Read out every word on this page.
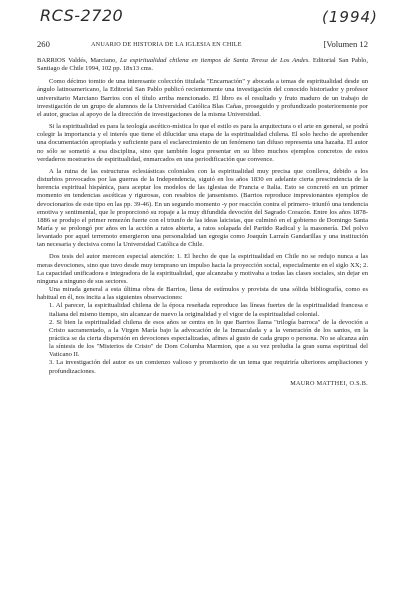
RCS-2720	(1994)
260	ANUARIO DE HISTORIA DE LA IGLESIA EN CHILE	[Volumen 12

BARRIOS Valdés, Marciano, La espiritualidad chilena en tiempos de Santa Teresa de Los Andes. Editorial San Pablo, Santiago de Chile 1994, 102 pp. 18x13 cms.

Como décimo tomito de una interesante colección titulada "Encarnación" y abocada a temas de espiritualidad desde un ángulo latinoamericano, la Editorial San Pablo publicó recientemente una investigación del conocido historiador y profesor universitario Marciano Barrios con el título arriba mencionado. El libro es el resultado y fruto maduro de un trabajo de investigación de un grupo de alumnos de la Universidad Católica Blas Cañas, proseguido y profundizado posteriormente por el autor, gracias al apoyo de la dirección de investigaciones de la misma Universidad.

Si la espiritualidad es para la teología ascético-mística lo que el estilo es para la arquitectura o el arte en general, se podrá colegir la importancia y el interés que tiene el dilucidar una etapa de la espiritualidad chilena. El solo hecho de aprehender una documentación apropiada y suficiente para el esclarecimiento de un fenómeno tan difuso representa una hazaña. El autor no sólo se sometió a esa disciplina, sino que también logra presentar en su libro muchos ejemplos concretos de estos verdaderos mostrarios de espiritualidad, enmarcados en una periodificación que convence.

A la ruina de las estructuras eclesiásticas coloniales con la espiritualidad muy precisa que conlleva, debido a los disturbios provocados por las guerras de la Independencia, siguió en los años 1830 en adelante cierta prescindencia de la herencia espiritual hispánica, para aceptar los modelos de las iglesias de Francia e Italia. Esto se concretó en un primer momento en tendencias ascéticas y rigurosas, con resabios de jansenismo. (Barrios reproduce impresionantes ejemplos de devocionarios de este tipo en las pp. 39-46). En un segundo momento -y por reacción contra el primero- triunfó una tendencia emotiva y sentimental, que le proporcionó su ropaje a la muy difundida devoción del Sagrado Corazón. Entre los años 1878-1886 se produjo el primer remezón fuerte con el triunfo de las ideas laicistas, que culminó en el gobierno de Domingo Santa María y se prolongó por años en la acción a ratos abierta, a ratos solapada del Partido Radical y la masonería. Del polvo levantado por aquel terremoto emergieron una personalidad tan egregia como Joaquín Larraín Gandarillas y una institución tan necesaria y decisiva como la Universidad Católica de Chile.

Dos tesis del autor merecen especial atención: 1. El hecho de que la espiritualidad en Chile no se redujo nunca a las meras devociones, sino que tuvo desde muy temprano un impulso hacia la proyección social, especialmente en el siglo XX; 2. La capacidad unificadora e integradora de la espiritualidad, que alcanzaba y motivaba a todas las clases sociales, sin dejar en ninguna a ninguno de sus sectores.

Una mirada general a esta última obra de Barrios, llena de estímulos y provista de una sólida bibliografía, como es habitual en él, nos incita a las siguientes observaciones:

1. Al parecer, la espiritualidad chilena de la época reseñada reproduce las líneas fuertes de la espiritualidad francesa e italiana del mismo tiempo, sin alcanzar de nuevo la originalidad y el vigor de la espiritualidad colonial.

2. Si bien la espiritualidad chilena de esos años se centra en lo que Barrios llama "trilogía barroca" de la devoción a Cristo sacramentado, a la Virgen María bajo la advocación de la Inmaculada y a la veneración de los santos, en la práctica se da cierta dispersión en devociones especializadas, afines al gusto de cada grupo o persona. No se alcanza aún la síntesis de los "Misterios de Cristo" de Dom Columba Marmion, que a su vez preludia la gran suma espiritual del Vaticano II.

3. La investigación del autor es un comienzo valioso y promisorio de un tema que requiriría ulteriores ampliaciones y profundizaciones.

MAURO MATTHEI, O.S.B.
